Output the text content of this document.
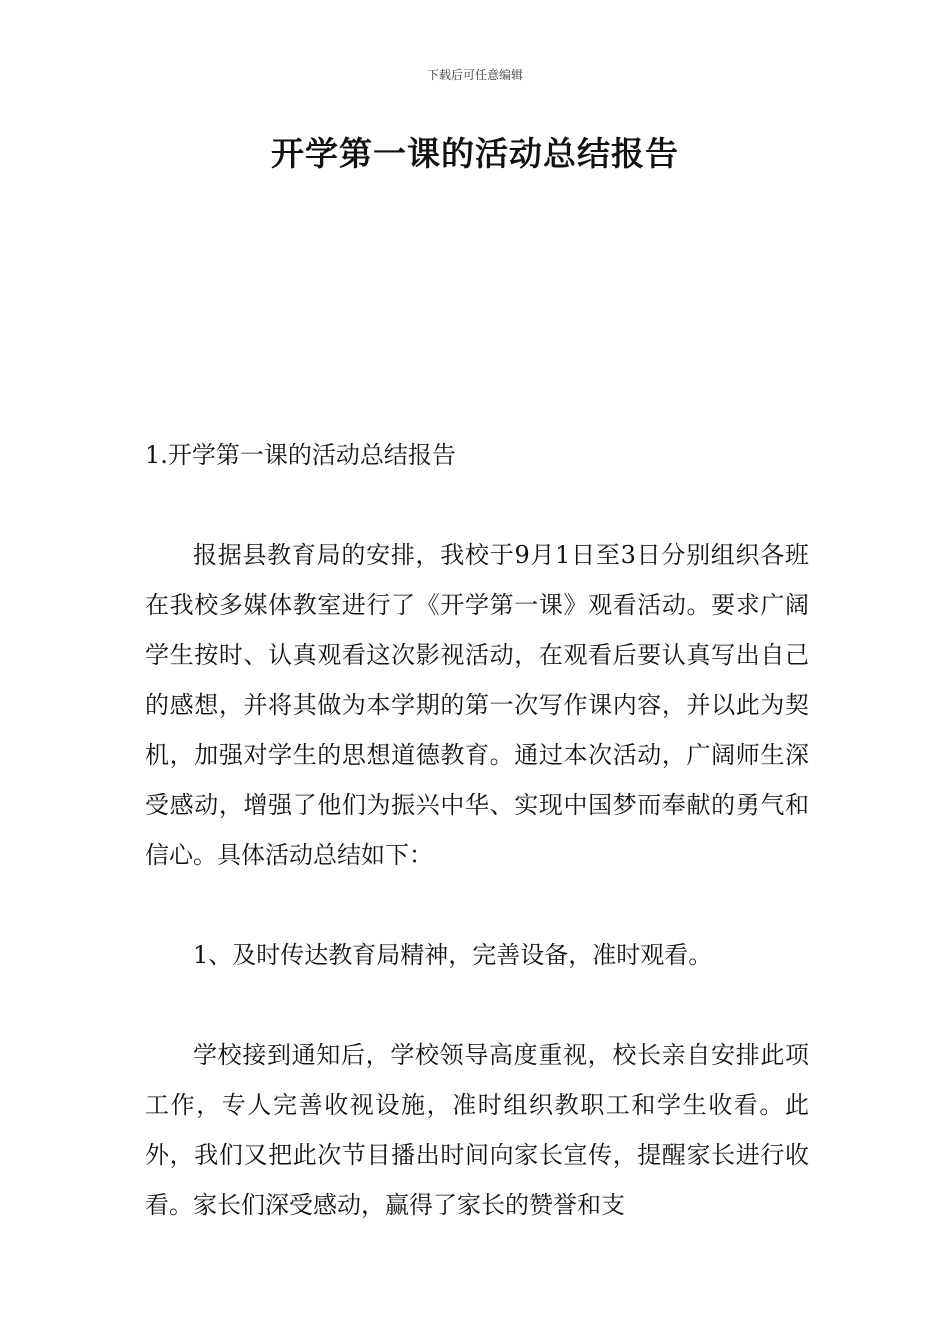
下载后可任意编辑
开学第一课的活动总结报告

1.开学第一课的活动总结报告

报据县教育局的安排，我校于9月1日至3日分别组织各班在我校多媒体教室进行了《开学第一课》观看活动。要求广阔学生按时、认真观看这次影视活动，在观看后要认真写出自己的感想，并将其做为本学期的第一次写作课内容，并以此为契机，加强对学生的思想道德教育。通过本次活动，广阔师生深受感动，增强了他们为振兴中华、实现中国梦而奉献的勇气和信心。具体活动总结如下：

1、及时传达教育局精神，完善设备，准时观看。

学校接到通知后，学校领导高度重视，校长亲自安排此项工作，专人完善收视设施，准时组织教职工和学生收看。此外，我们又把此次节目播出时间向家长宣传，提醒家长进行收看。家长们深受感动，赢得了家长的赞誉和支
